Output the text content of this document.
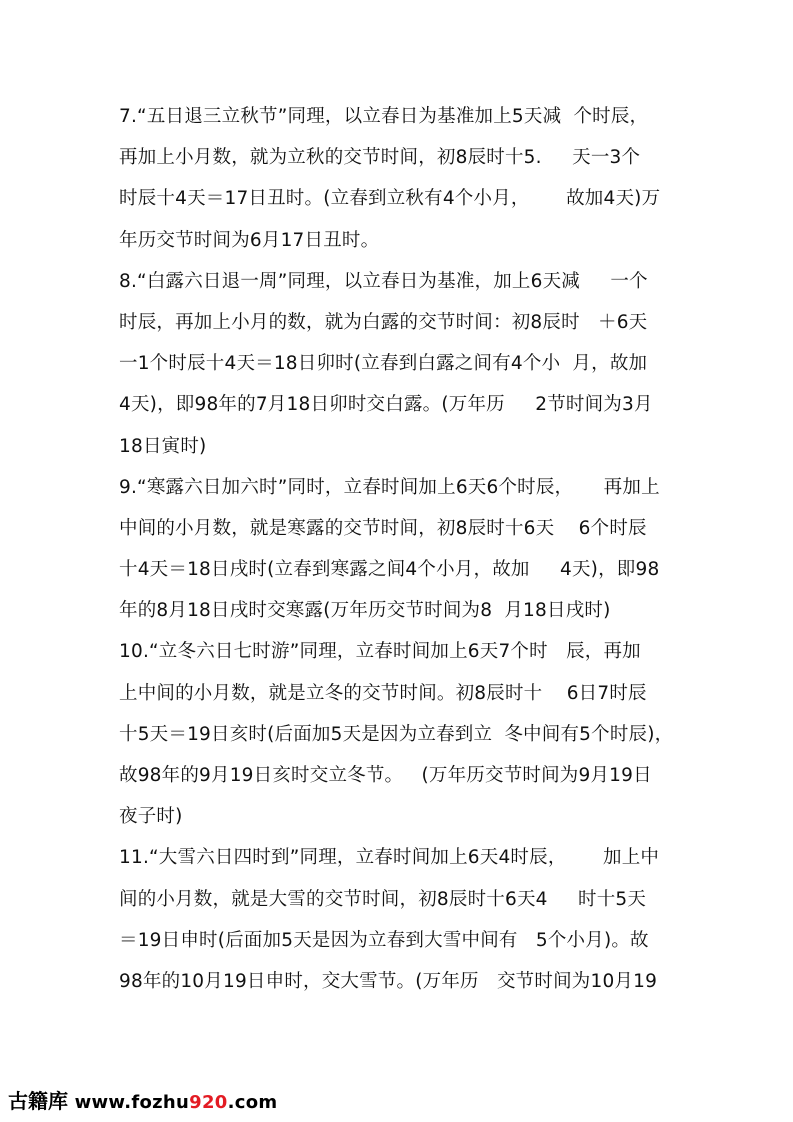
7.“五日退三立秋节”同理，以立春日为基准加上5天减  个时辰，
再加上小月数，就为立秋的交节时间，初8辰时十5.     天一3个
时辰十4天＝17日丑时。(立春到立秋有4个小月，      故加4天)万
年历交节时间为6月17日丑时。
8.“白露六日退一周”同理，以立春日为基准，加上6天减     一个
时辰，再加上小月的数，就为白露的交节时间：初8辰时   ＋6天
一1个时辰十4天＝18日卯时(立春到白露之间有4个小  月，故加
4天)，即98年的7月18日卯时交白露。(万年历     2节时间为3月
18日寅时)
9.“寒露六日加六时”同时，立春时间加上6天6个时辰，     再加上
中间的小月数，就是寒露的交节时间，初8辰时十6天    6个时辰
十4天＝18日戌时(立春到寒露之间4个小月，故加     4天)，即98
年的8月18日戌时交寒露(万年历交节时间为8  月18日戌时)
10.“立冬六日七时游”同理，立春时间加上6天7个时   辰，再加
上中间的小月数，就是立冬的交节时间。初8辰时十    6日7时辰
十5天＝19日亥时(后面加5天是因为立春到立  冬中间有5个时辰)，
故98年的9月19日亥时交立冬节。   (万年历交节时间为9月19日
夜子时)
11.“大雪六日四时到”同理，立春时间加上6天4时辰，      加上中
间的小月数，就是大雪的交节时间，初8辰时十6天4     时十5天
＝19日申时(后面加5天是因为立春到大雪中间有   5个小月)。故
98年的10月19日申时，交大雪节。(万年历   交节时间为10月19
古籍库 www.fozhu920.com
